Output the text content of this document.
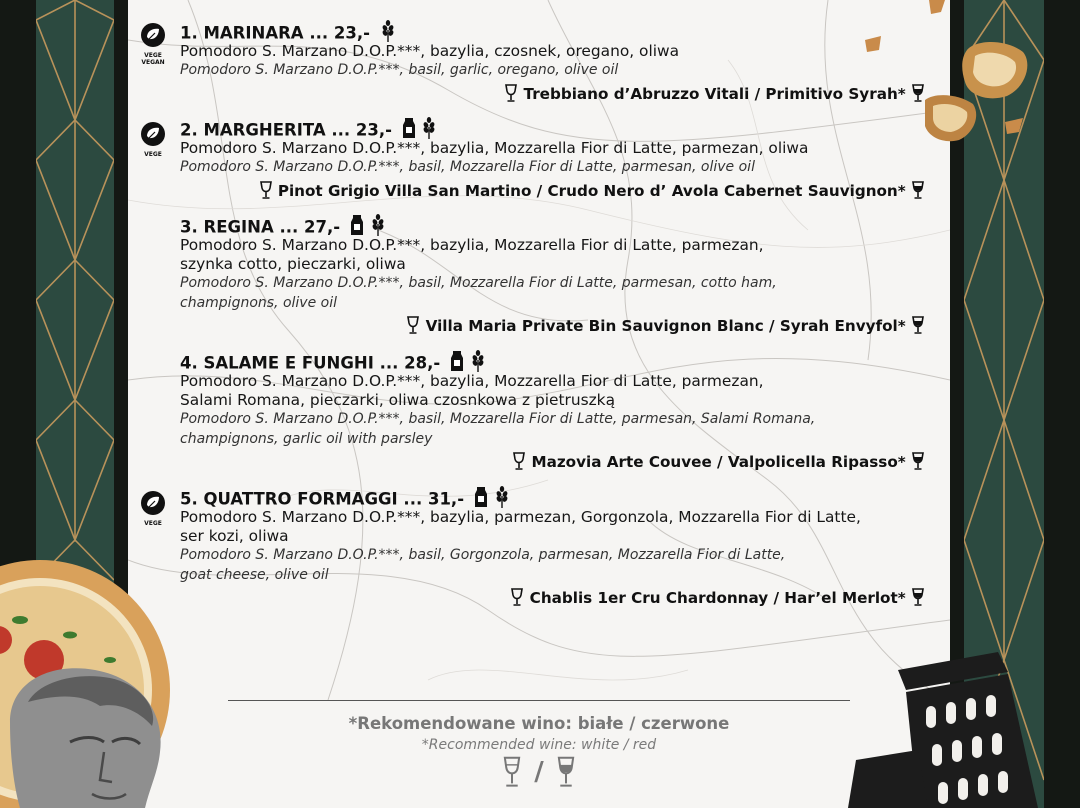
VEGE
VEGAN
1. MARINARA ... 23,-
Pomodoro S. Marzano D.O.P.***, bazylia, czosnek, oregano, oliwa
Pomodoro S. Marzano D.O.P.***, basil, garlic, oregano, olive oil
Trebbiano d’Abruzzo Vitali / Primitivo Syrah*
VEGE
2. MARGHERITA ... 23,-
Pomodoro S. Marzano D.O.P.***, bazylia, Mozzarella Fior di Latte, parmezan, oliwa
Pomodoro S. Marzano D.O.P.***, basil, Mozzarella Fior di Latte, parmesan, olive oil
Pinot Grigio Villa San Martino / Crudo Nero d’ Avola Cabernet Sauvignon*
3. REGINA ... 27,-
Pomodoro S. Marzano D.O.P.***, bazylia, Mozzarella Fior di Latte, parmezan,
szynka cotto, pieczarki, oliwa
Pomodoro S. Marzano D.O.P.***, basil, Mozzarella Fior di Latte, parmesan, cotto ham,
champignons, olive oil
Villa Maria Private Bin Sauvignon Blanc / Syrah Envyfol*
4. SALAME E FUNGHI ... 28,-
Pomodoro S. Marzano D.O.P.***, bazylia, Mozzarella Fior di Latte, parmezan,
Salami Romana, pieczarki, oliwa czosnkowa z pietruszką
Pomodoro S. Marzano D.O.P.***, basil, Mozzarella Fior di Latte, parmesan, Salami Romana,
champignons, garlic oil with parsley
Mazovia Arte Couvee / Valpolicella Ripasso*
VEGE
5. QUATTRO FORMAGGI ... 31,-
Pomodoro S. Marzano D.O.P.***, bazylia, parmezan, Gorgonzola, Mozzarella Fior di Latte,
ser kozi, oliwa
Pomodoro S. Marzano D.O.P.***, basil, Gorgonzola, parmesan, Mozzarella Fior di Latte,
goat cheese, olive oil
Chablis 1er Cru Chardonnay / Har’el Merlot*
*Rekomendowane wino: białe / czerwone
*Recommended wine: white / red
/
